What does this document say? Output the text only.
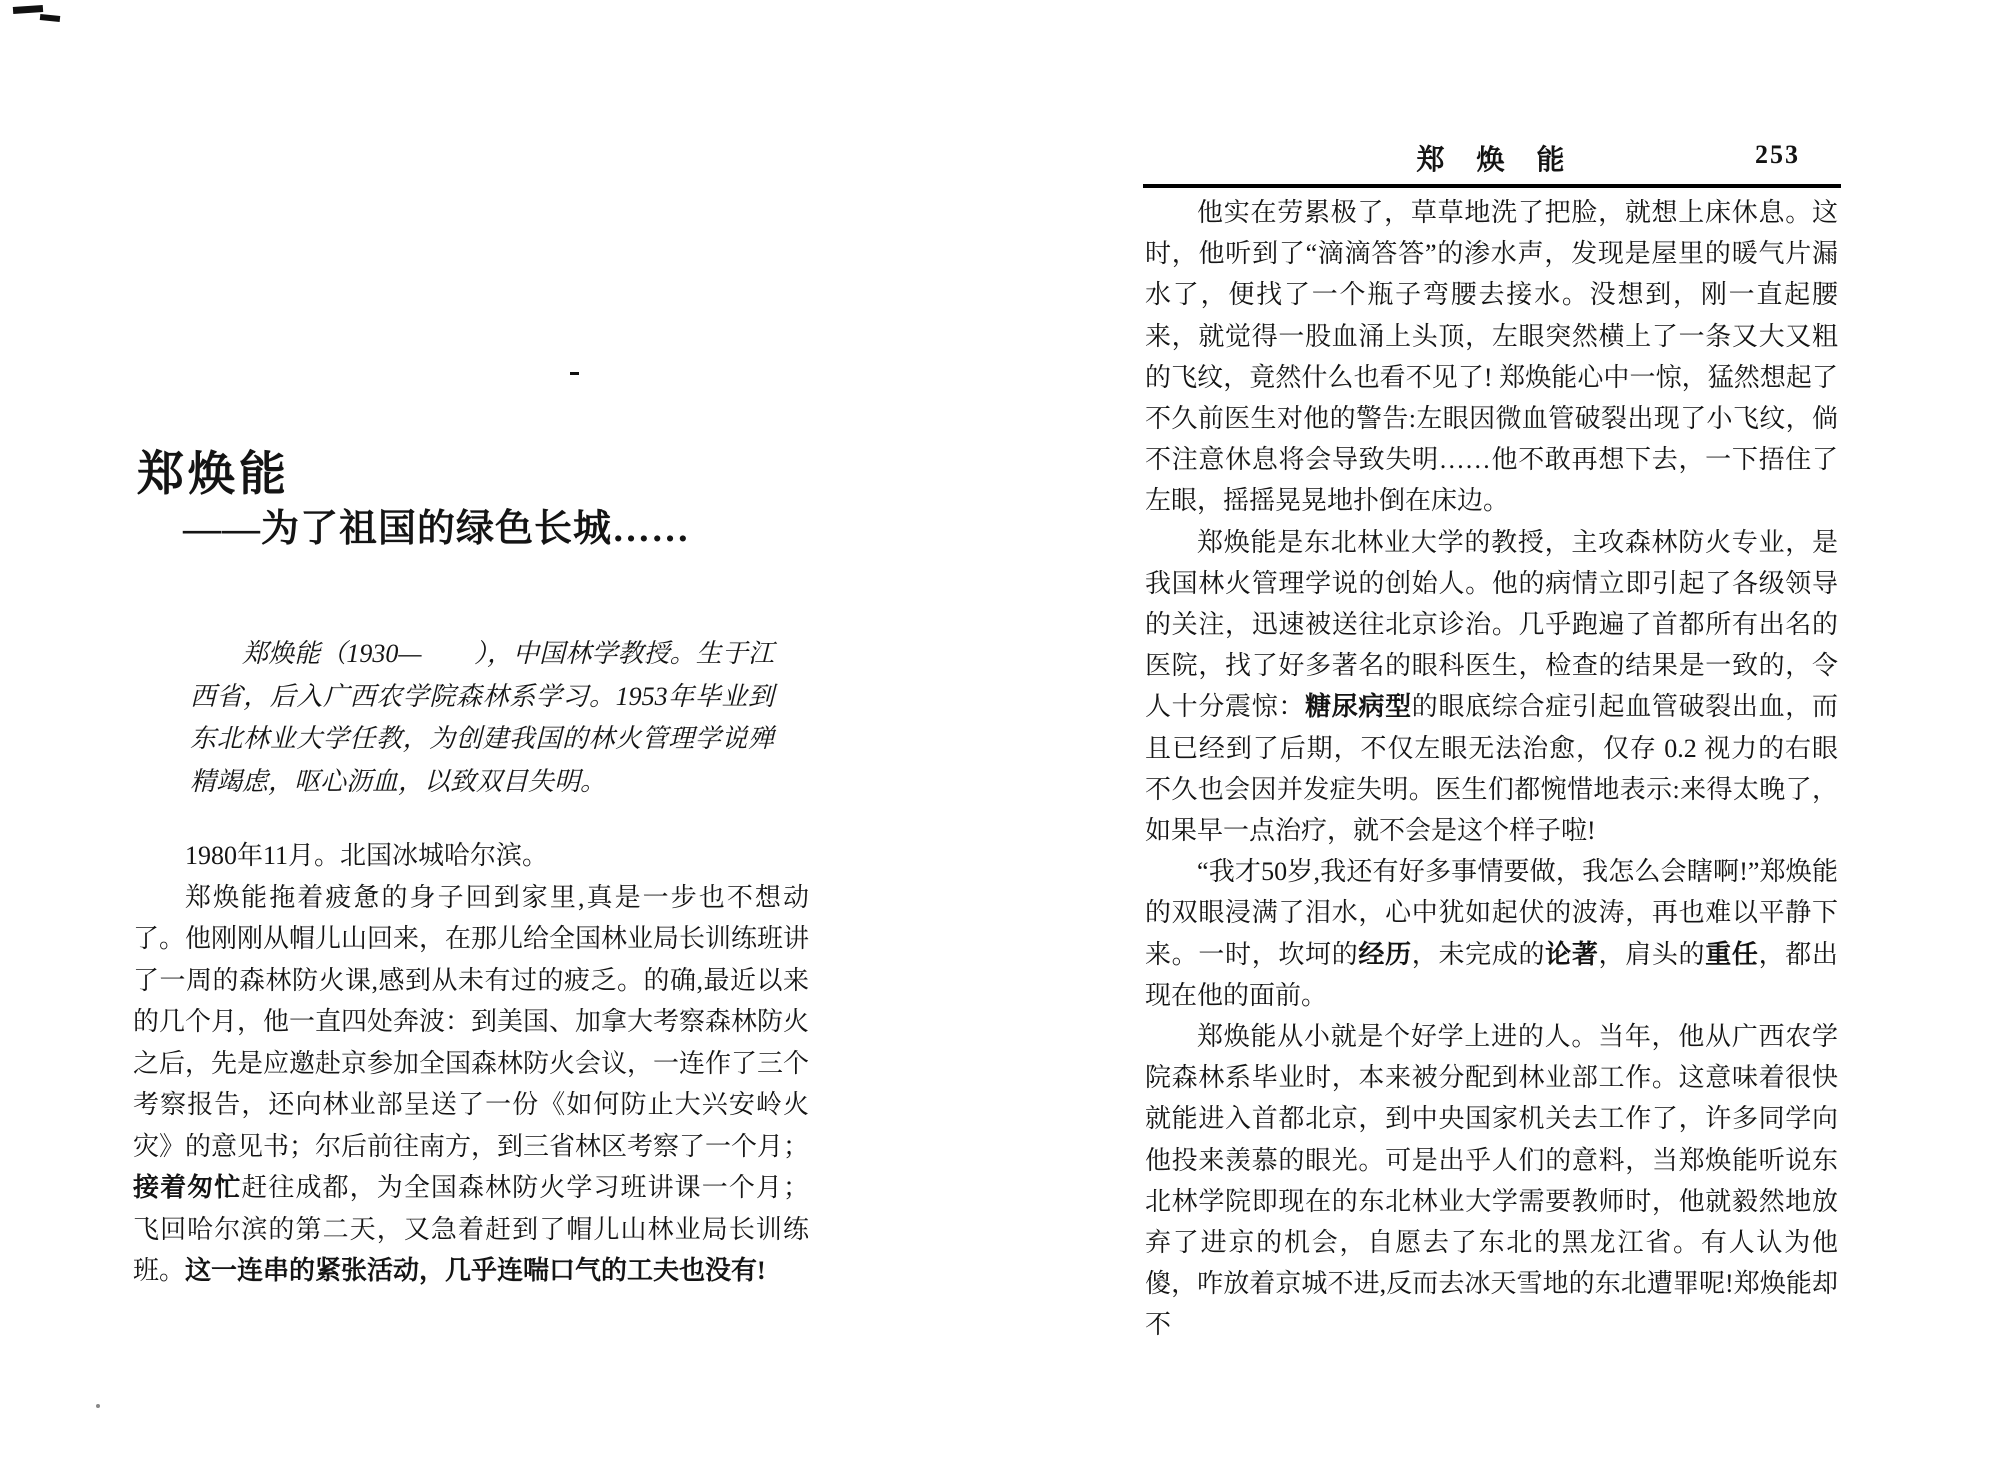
郑焕能
——为了祖国的绿色长城……
郑焕能（1930—　　），中国林学教授。生于江西省，后入广西农学院森林系学习。1953年毕业到东北林业大学任教，为创建我国的林火管理学说殚精竭虑，呕心沥血，以致双目失明。

1980年11月。北国冰城哈尔滨。

郑焕能拖着疲惫的身子回到家里,真是一步也不想动了。他刚刚从帽儿山回来，在那儿给全国林业局长训练班讲了一周的森林防火课,感到从未有过的疲乏。的确,最近以来的几个月，他一直四处奔波：到美国、加拿大考察森林防火之后，先是应邀赴京参加全国森林防火会议，一连作了三个考察报告，还向林业部呈送了一份《如何防止大兴安岭火灾》的意见书；尔后前往南方，到三省林区考察了一个月；接着匆忙赶往成都，为全国森林防火学习班讲课一个月；飞回哈尔滨的第二天，又急着赶到了帽儿山林业局长训练班。这一连串的紧张活动，几乎连喘口气的工夫也没有!

郑　焕　能	253

他实在劳累极了，草草地洗了把脸，就想上床休息。这时，他听到了“滴滴答答”的渗水声，发现是屋里的暖气片漏水了，便找了一个瓶子弯腰去接水。没想到，刚一直起腰来，就觉得一股血涌上头顶，左眼突然横上了一条又大又粗的飞纹，竟然什么也看不见了! 郑焕能心中一惊，猛然想起了不久前医生对他的警告:左眼因微血管破裂出现了小飞纹，倘不注意休息将会导致失明……他不敢再想下去，一下捂住了左眼，摇摇晃晃地扑倒在床边。

郑焕能是东北林业大学的教授，主攻森林防火专业，是我国林火管理学说的创始人。他的病情立即引起了各级领导的关注，迅速被送往北京诊治。几乎跑遍了首都所有出名的医院，找了好多著名的眼科医生，检查的结果是一致的，令人十分震惊：糖尿病型的眼底综合症引起血管破裂出血，而且已经到了后期，不仅左眼无法治愈，仅存 0.2 视力的右眼不久也会因并发症失明。医生们都惋惜地表示:来得太晚了，如果早一点治疗，就不会是这个样子啦!

“我才50岁,我还有好多事情要做，我怎么会瞎啊!”郑焕能的双眼浸满了泪水，心中犹如起伏的波涛，再也难以平静下来。一时，坎坷的经历，未完成的论著，肩头的重任，都出现在他的面前。

郑焕能从小就是个好学上进的人。当年，他从广西农学院森林系毕业时，本来被分配到林业部工作。这意味着很快就能进入首都北京，到中央国家机关去工作了，许多同学向他投来羡慕的眼光。可是出乎人们的意料，当郑焕能听说东北林学院即现在的东北林业大学需要教师时，他就毅然地放弃了进京的机会，自愿去了东北的黑龙江省。有人认为他傻，咋放着京城不进,反而去冰天雪地的东北遭罪呢!郑焕能却不
